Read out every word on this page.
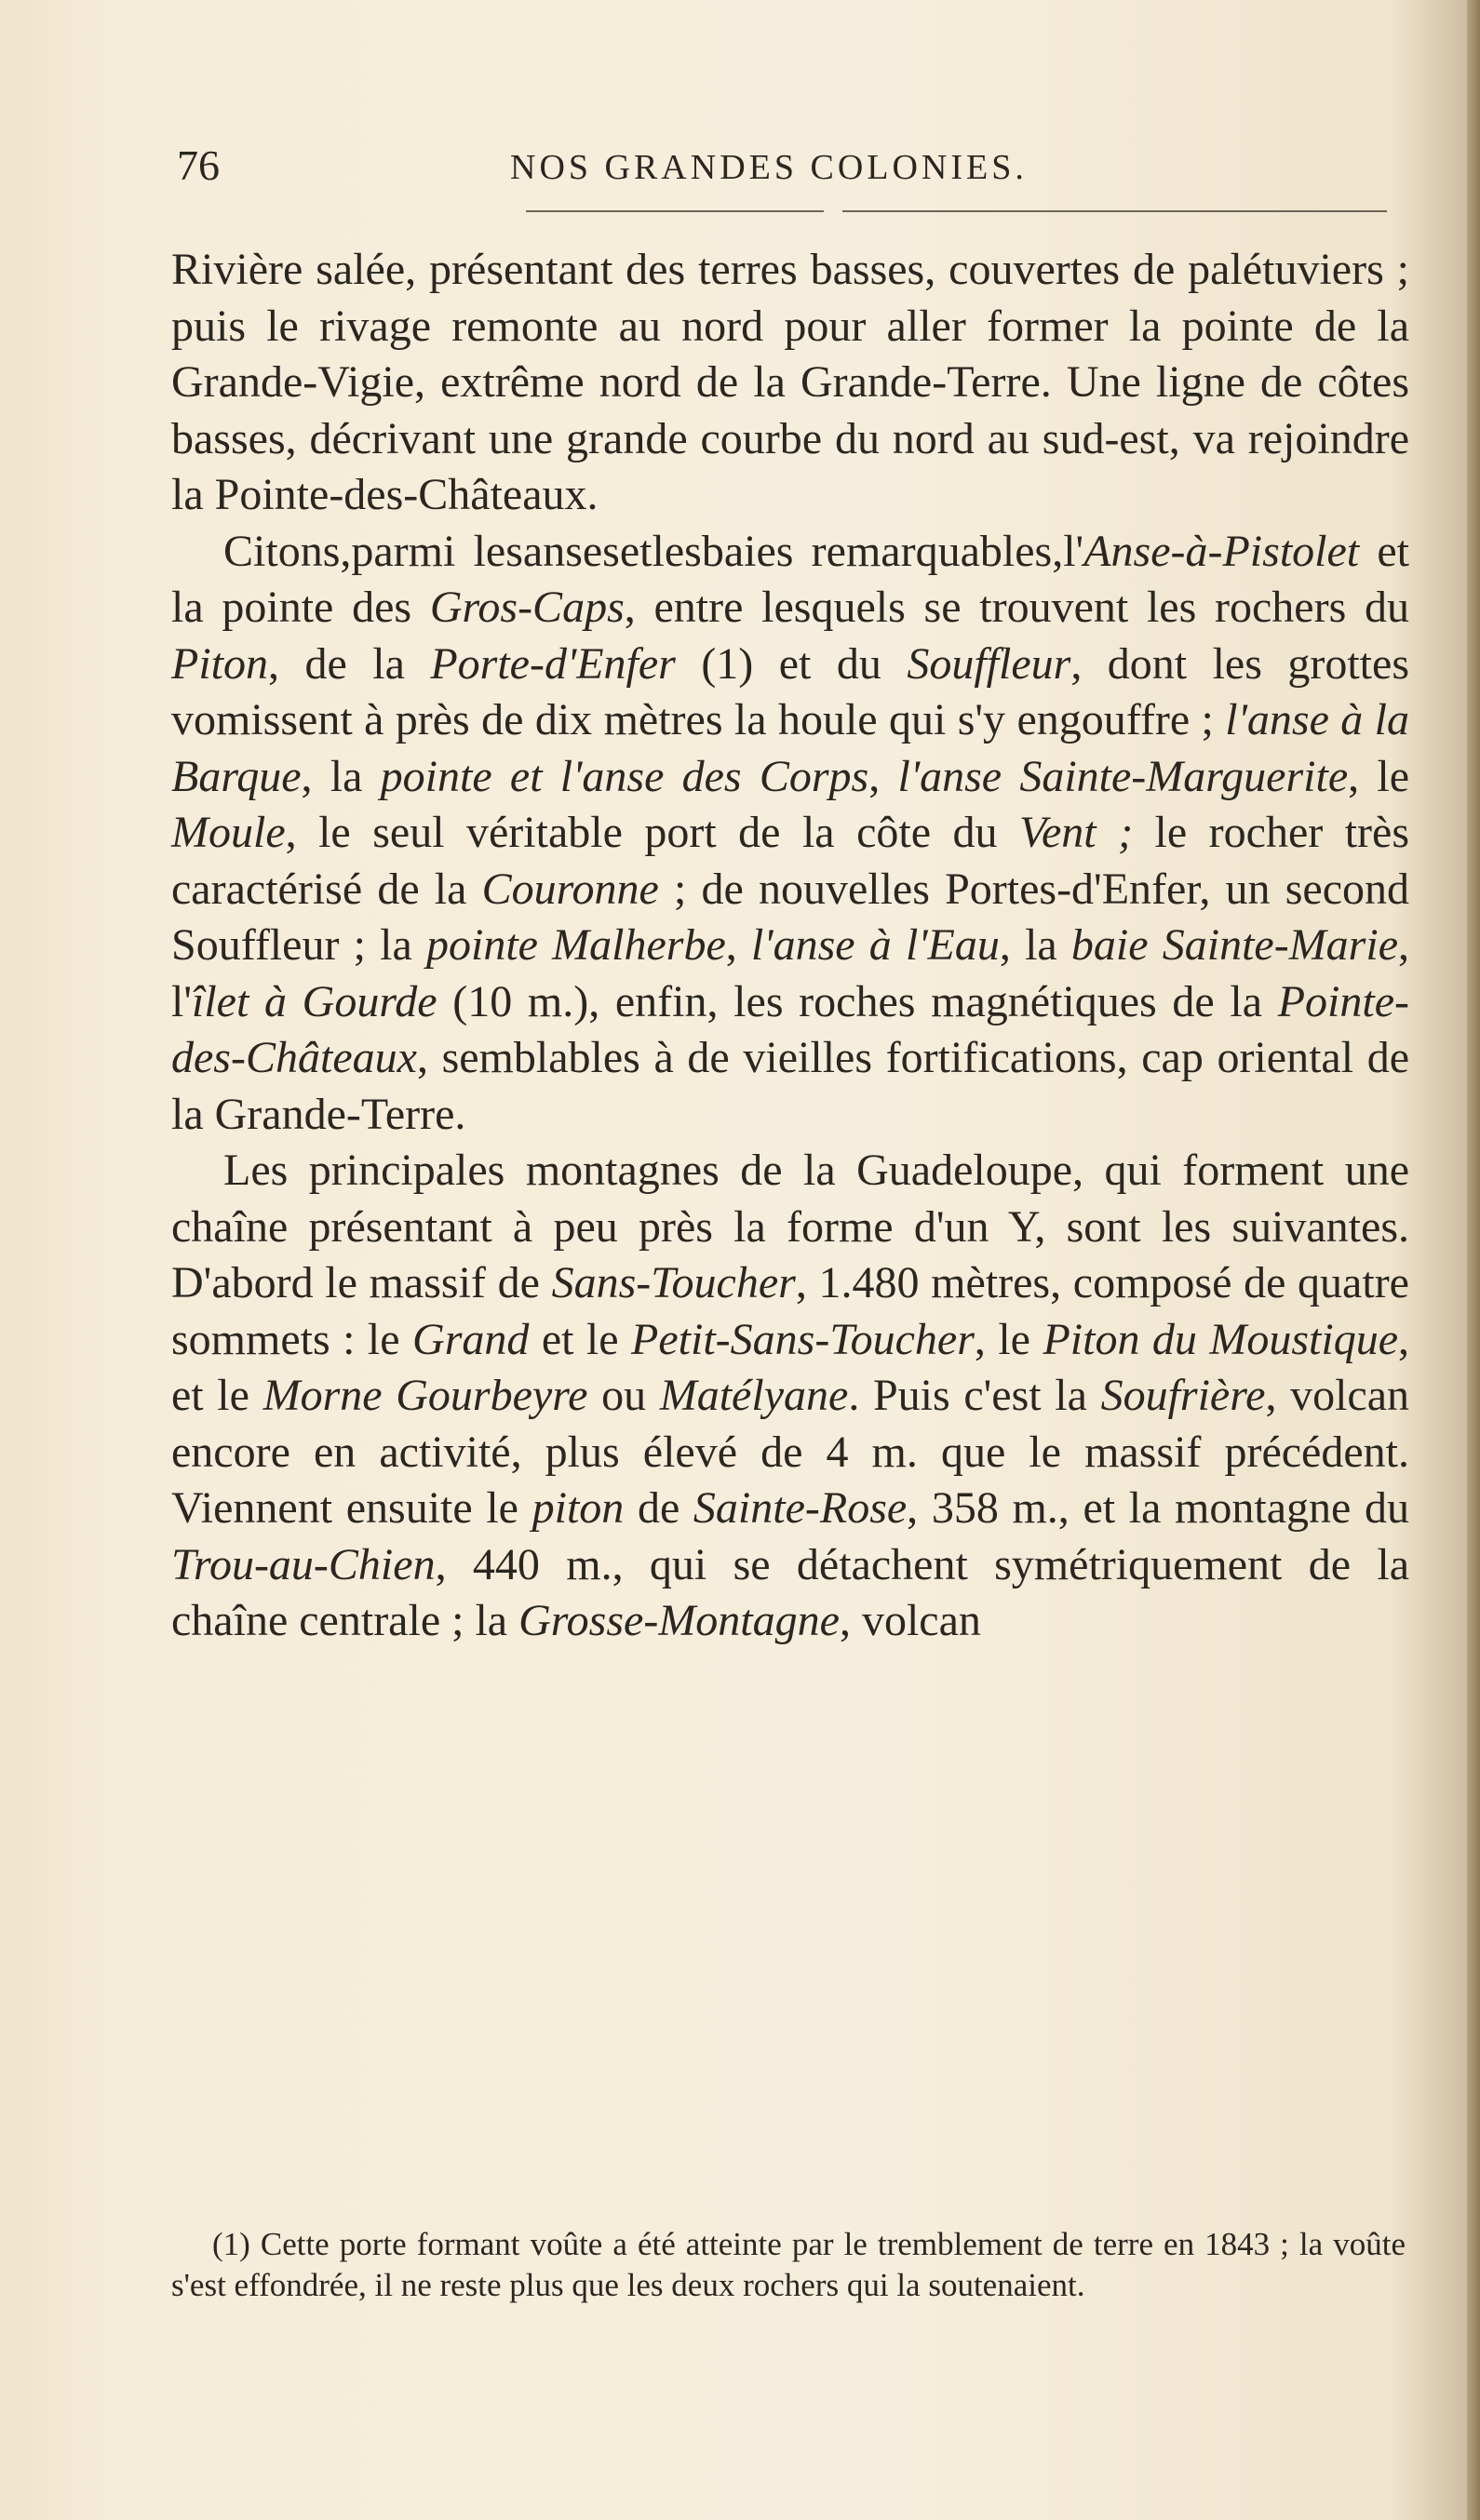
76	NOS GRANDES COLONIES.

Rivière salée, présentant des terres basses, couvertes de palétuviers ; puis le rivage remonte au nord pour aller former la pointe de la Grande-Vigie, extrême nord de la Grande-Terre. Une ligne de côtes basses, décrivant une grande courbe du nord au sud-est, va rejoindre la Pointe-des-Châteaux.

Citons,parmi lesansesetlesbaies remarquables,l'Anse-à-Pistolet et la pointe des Gros-Caps, entre lesquels se trouvent les rochers du Piton, de la Porte-d'Enfer (1) et du Souffleur, dont les grottes vomissent à près de dix mètres la houle qui s'y engouffre ; l'anse à la Barque, la pointe et l'anse des Corps, l'anse Sainte-Marguerite, le Moule, le seul véritable port de la côte du Vent ; le rocher très caractérisé de la Couronne ; de nouvelles Portes-d'Enfer, un second Souffleur ; la pointe Malherbe, l'anse à l'Eau, la baie Sainte-Marie, l'îlet à Gourde (10 m.), enfin, les roches magnétiques de la Pointe-des-Châteaux, semblables à de vieilles fortifications, cap oriental de la Grande-Terre.

Les principales montagnes de la Guadeloupe, qui forment une chaîne présentant à peu près la forme d'un Y, sont les suivantes. D'abord le massif de Sans-Toucher, 1.480 mètres, composé de quatre sommets : le Grand et le Petit-Sans-Toucher, le Piton du Moustique, et le Morne Gourbeyre ou Matélyane. Puis c'est la Soufrière, volcan encore en activité, plus élevé de 4 m. que le massif précédent. Viennent ensuite le piton de Sainte-Rose, 358 m., et la montagne du Trou-au-Chien, 440 m., qui se détachent symétriquement de la chaîne centrale ; la Grosse-Montagne, volcan

(1) Cette porte formant voûte a été atteinte par le tremblement de terre en 1843 ; la voûte s'est effondrée, il ne reste plus que les deux rochers qui la soutenaient.
